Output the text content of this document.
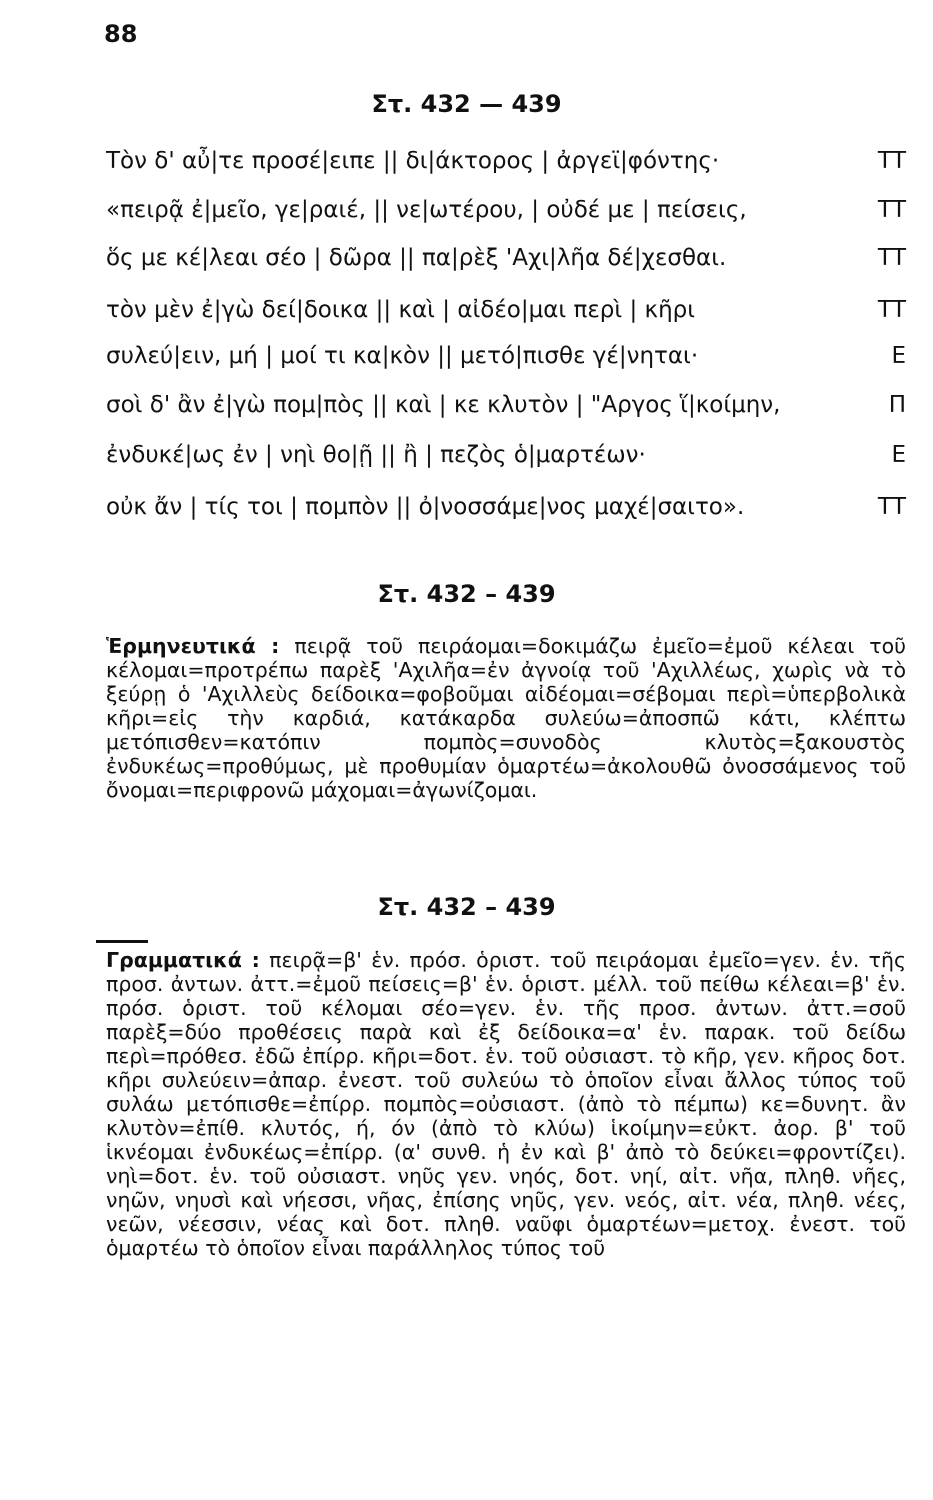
88
Στ. 432 — 439
Τὸν δ' αὖ|τε προσέ|ειπε || δι|άκτορος | ἀργεϊ|φόντης·	ΤΤ
«πειρᾷ ἐ|μεῖο, γε|ραιέ, || νε|ωτέρου, | οὐδέ με | πείσεις,	ΤΤ
ὅς με κέ|λεαι σέο | δῶρα || πα|ρὲξ 'Αχι|λῆα δέ|χεσθαι.	ΤΤ
τὸν μὲν ἐ|γὼ δεί|δοικα || καὶ | αἰδέο|μαι περὶ | κῆρι	ΤΤ
συλεύ|ειν, μή | μοί τι κα|κὸν || μετό|πισθε γέ|νηται·	Ε
σοὶ δ' ἂν ἐ|γὼ πομ|πὸς || καὶ | κε κλυτὸν | "Αργος ἵ|κοίμην,	Π
ἐνδυκέ|ως ἐν | νηὶ θο|ῇ || ἢ | πεζὸς ὁ|μαρτέων·	Ε
οὐκ ἄν | τίς τοι | πομπὸν || ὀ|νοσσάμε|νος μαχέ|σαιτο».	ΤΤ
Στ. 432 – 439
Ἑρμηνευτικά : πειρᾷ τοῦ πειράομαι=δοκιμάζω ἐμεῖο=ἐμοῦ κέλεαι τοῦ κέλομαι=προτρέπω παρὲξ 'Αχιλῆα=ἐν ἀγνοίᾳ τοῦ 'Αχιλλέως, χωρὶς νὰ τὸ ξεύρῃ ὁ 'Αχιλλεὺς δείδοικα=φοβοῦμαι αἰδέομαι=σέβομαι περὶ=ὑπερβολικὰ κῆρι=εἰς τὴν καρδιά, κατάκαρδα συλεύω=ἀποσπῶ κάτι, κλέπτω μετόπισθεν=κατόπιν πομπὸς=συνοδὸς κλυτὸς=ξακουστὸς ἐνδυκέως=προθύμως, μὲ προθυμίαν ὁμαρτέω=ἀκολουθῶ ὀνοσσάμενος τοῦ ὄνομαι=περιφρονῶ μάχομαι=ἀγωνίζομαι.
Στ. 432 – 439
Γραμματικά : πειρᾷ=β' ἑν. πρόσ. ὁριστ. τοῦ πειράομαι ἐμεῖο=γεν. ἑν. τῆς προσ. ἀντων. ἀττ.=ἐμοῦ πείσεις=β' ἑν. ὁριστ. μέλλ. τοῦ πείθω κέλεαι=β' ἑν. πρόσ. ὁριστ. τοῦ κέλομαι σέο=γεν. ἑν. τῆς προσ. ἀντων. ἀττ.=σοῦ παρὲξ=δύο προθέσεις παρὰ καὶ ἐξ δείδοικα=α' ἑν. παρακ. τοῦ δείδω περὶ=πρόθεσ. ἐδῶ ἐπίρρ. κῆρι=δοτ. ἑν. τοῦ οὐσιαστ. τὸ κῆρ, γεν. κῆρος δοτ. κῆρι συλεύειν=ἀπαρ. ἐνεστ. τοῦ συλεύω τὸ ὁποῖον εἶναι ἄλλος τύπος τοῦ συλάω μετόπισθε=ἐπίρρ. πομπὸς=οὐσιαστ. (ἀπὸ τὸ πέμπω) κε=δυνητ. ἂν κλυτὸν=ἐπίθ. κλυτός, ή, όν (ἀπὸ τὸ κλύω) ἱκοίμην=εὐκτ. ἀορ. β' τοῦ ἱκνέομαι ἐνδυκέως=ἐπίρρ. (α' συνθ. ἡ ἐν καὶ β' ἀπὸ τὸ δεύκει=φροντίζει). νηὶ=δοτ. ἑν. τοῦ οὐσιαστ. νηῦς γεν. νηός, δοτ. νηί, αἰτ. νῆα, πληθ. νῆες, νηῶν, νηυσὶ καὶ νήεσσι, νῆας, ἐπίσης νηῦς, γεν. νεός, αἰτ. νέα, πληθ. νέες, νεῶν, νέεσσιν, νέας καὶ δοτ. πληθ. ναῦφι ὁμαρτέων=μετοχ. ἐνεστ. τοῦ ὁμαρτέω τὸ ὁποῖον εἶναι παράλληλος τύπος τοῦ
